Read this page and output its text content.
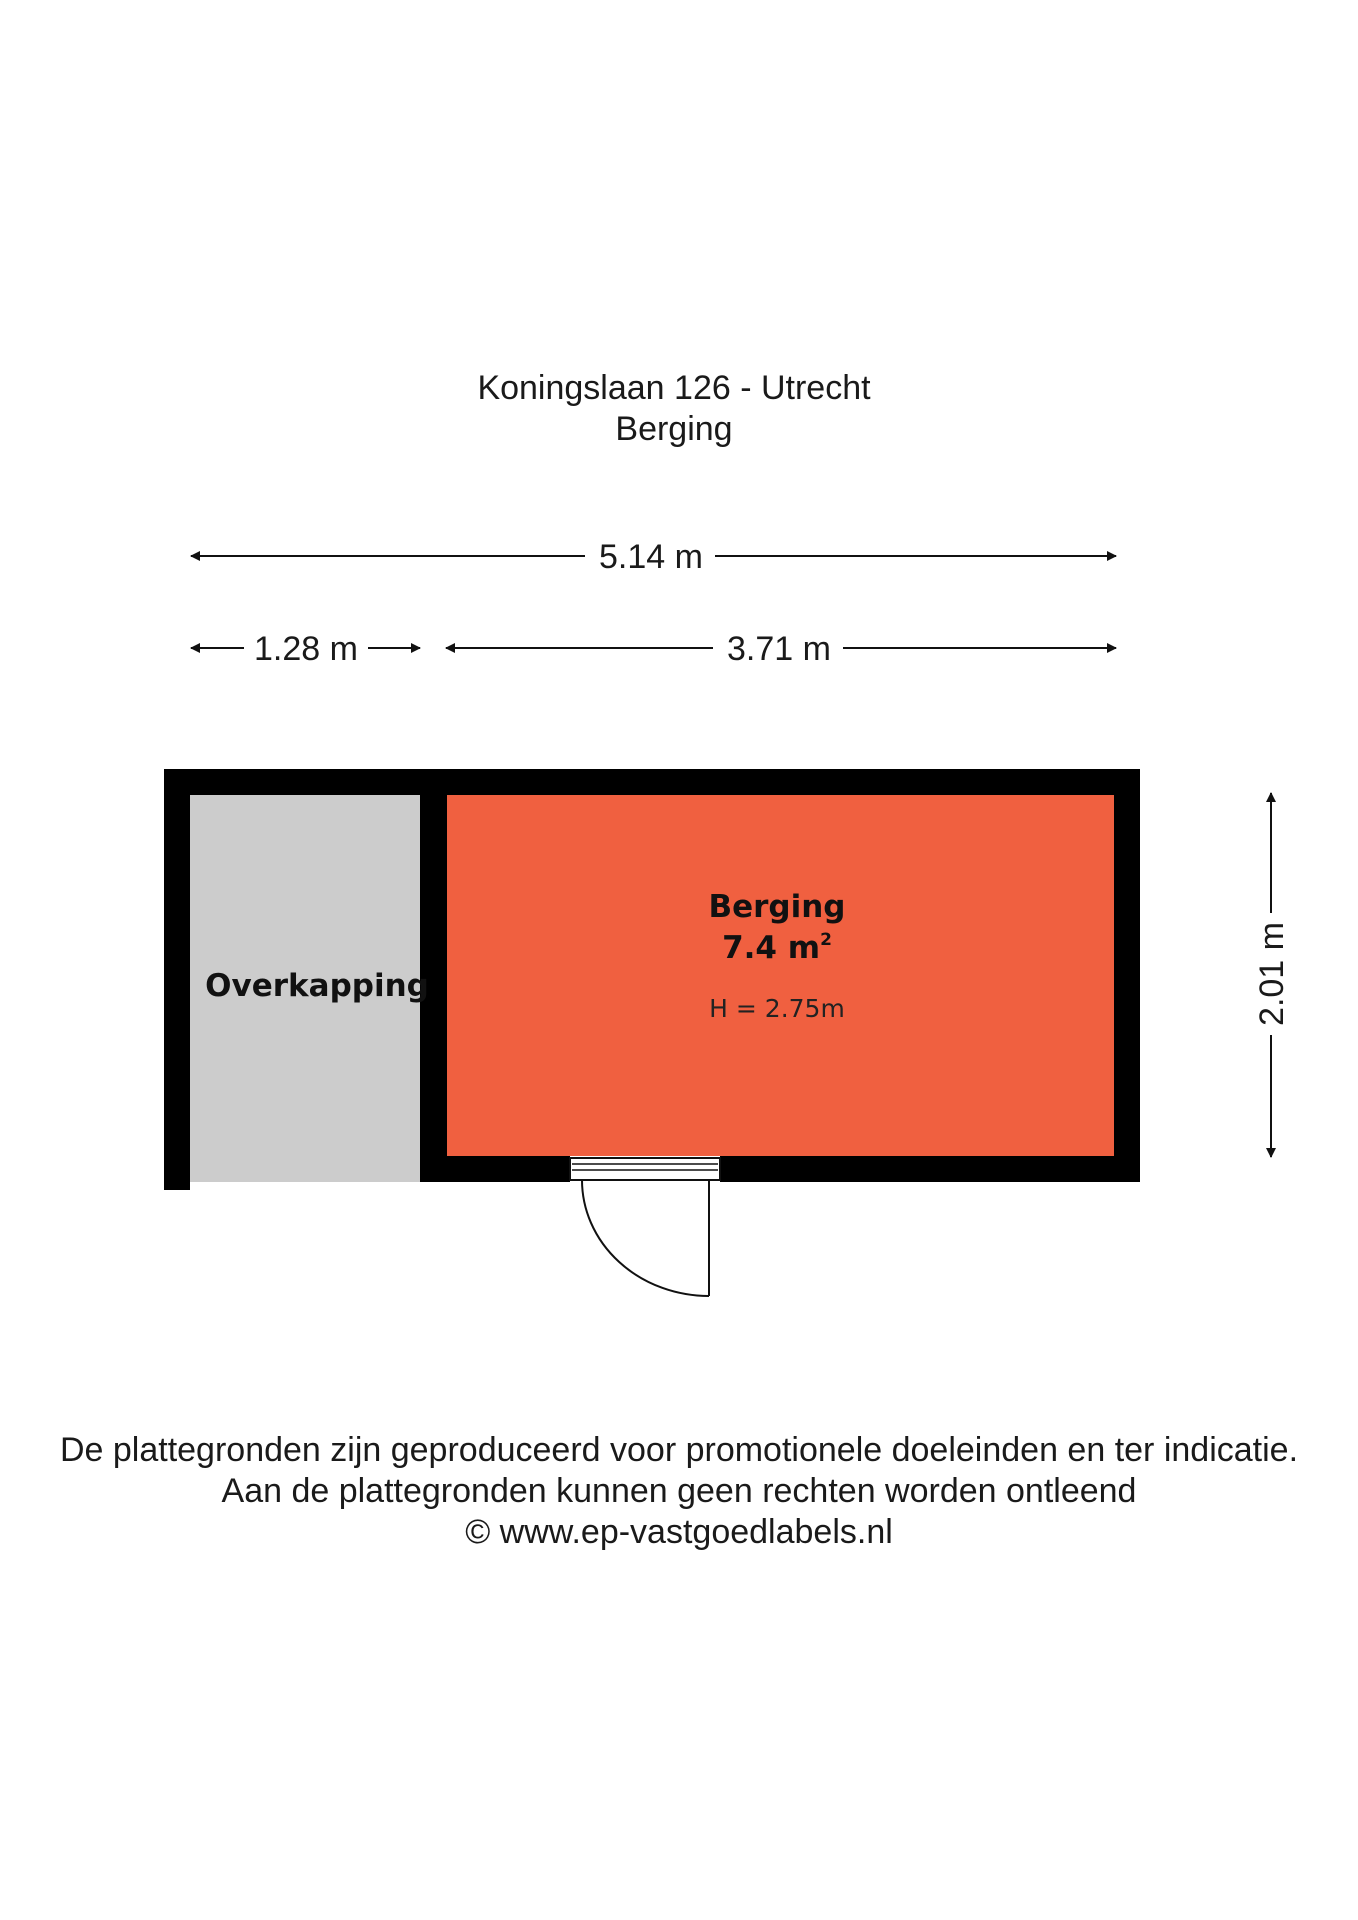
Koningslaan 126 - Utrecht
Berging
5.14 m
1.28 m	3.71 m
2.01 m
Overkapping
Berging
7.4 $m^2$
H = 2.75m
De plattegronden zijn geproduceerd voor promotionele doeleinden en ter indicatie.
Aan de plattegronden kunnen geen rechten worden ontleend
© www.ep-vastgoedlabels.nl
